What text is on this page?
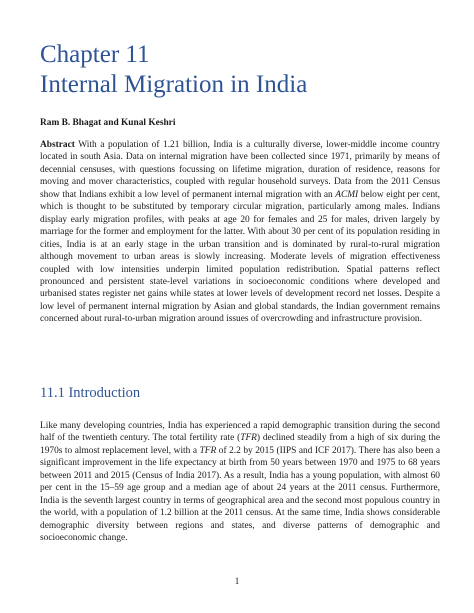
Chapter 11
Internal Migration in India

Ram B. Bhagat and Kunal Keshri

Abstract With a population of 1.21 billion, India is a culturally diverse, lower-middle income country located in south Asia. Data on internal migration have been collected since 1971, primarily by means of decennial censuses, with questions focussing on lifetime migration, duration of residence, reasons for moving and mover characteristics, coupled with regular household surveys. Data from the 2011 Census show that Indians exhibit a low level of permanent internal migration with an ACMI below eight per cent, which is thought to be substituted by temporary circular migration, particularly among males. Indians display early migration profiles, with peaks at age 20 for females and 25 for males, driven largely by marriage for the former and employment for the latter. With about 30 per cent of its population residing in cities, India is at an early stage in the urban transition and is dominated by rural-to-rural migration although movement to urban areas is slowly increasing. Moderate levels of migration effectiveness coupled with low intensities underpin limited population redistribution. Spatial patterns reflect pronounced and persistent state-level variations in socioeconomic conditions where developed and urbanised states register net gains while states at lower levels of development record net losses. Despite a low level of permanent internal migration by Asian and global standards, the Indian government remains concerned about rural-to-urban migration around issues of overcrowding and infrastructure provision.

11.1 Introduction

Like many developing countries, India has experienced a rapid demographic transition during the second half of the twentieth century. The total fertility rate (TFR) declined steadily from a high of six during the 1970s to almost replacement level, with a TFR of 2.2 by 2015 (IIPS and ICF 2017). There has also been a significant improvement in the life expectancy at birth from 50 years between 1970 and 1975 to 68 years between 2011 and 2015 (Census of India 2017). As a result, India has a young population, with almost 60 per cent in the 15–59 age group and a median age of about 24 years at the 2011 census. Furthermore, India is the seventh largest country in terms of geographical area and the second most populous country in the world, with a population of 1.2 billion at the 2011 census. At the same time, India shows considerable demographic diversity between regions and states, and diverse patterns of demographic and socioeconomic change.

1
